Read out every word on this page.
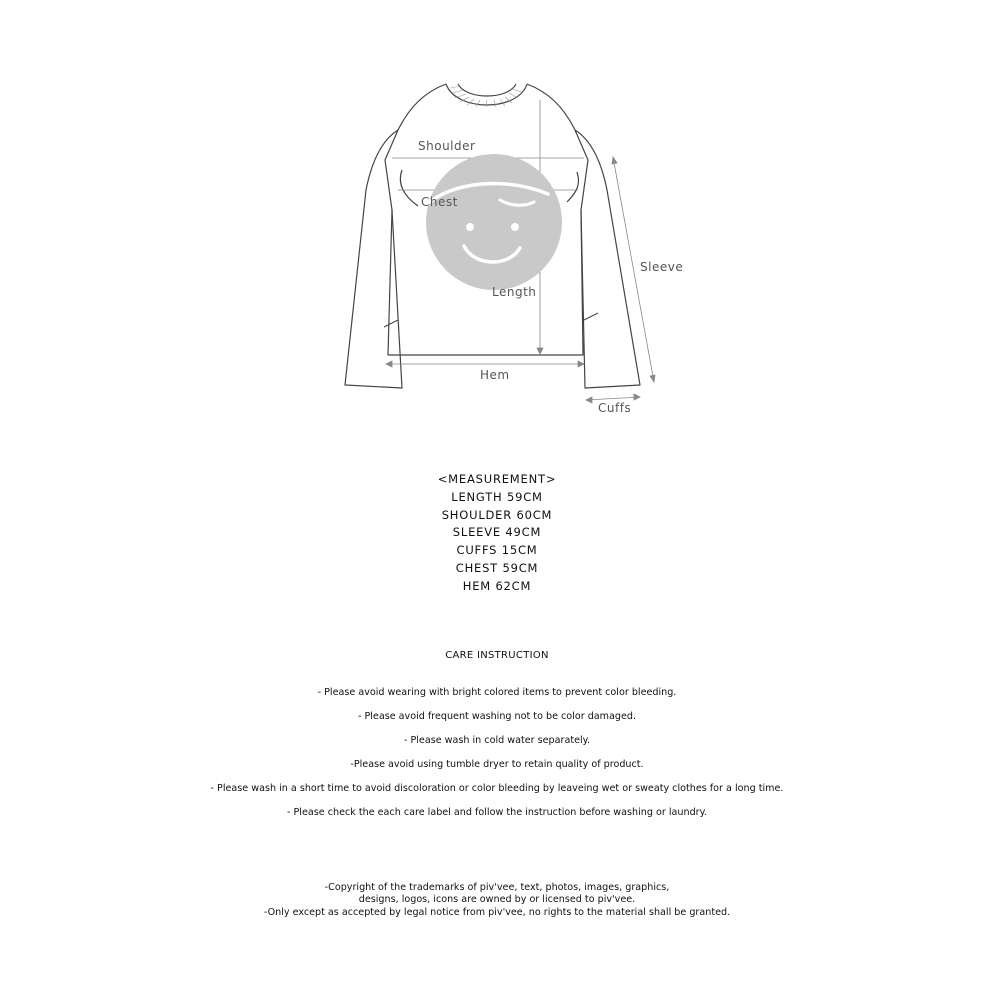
Shoulder
Chest
Sleeve
Length
Hem
Cuffs
<MEASUREMENT>
LENGTH 59CM
SHOULDER 60CM
SLEEVE 49CM
CUFFS 15CM
CHEST 59CM
HEM 62CM
CARE INSTRUCTION
- Please avoid wearing with bright colored items to prevent color bleeding.
- Please avoid frequent washing not to be color damaged.
- Please wash in cold water separately.
-Please avoid using tumble dryer to retain quality of product.
- Please wash in a short time to avoid discoloration or color bleeding by leaveing wet or sweaty clothes for a long time.
- Please check the each care label and follow the instruction before washing or laundry.
-Copyright of the trademarks of piv'vee, text, photos, images, graphics,
designs, logos, icons are owned by or licensed to piv'vee.
-Only except as accepted by legal notice from piv'vee, no rights to the material shall be granted.
